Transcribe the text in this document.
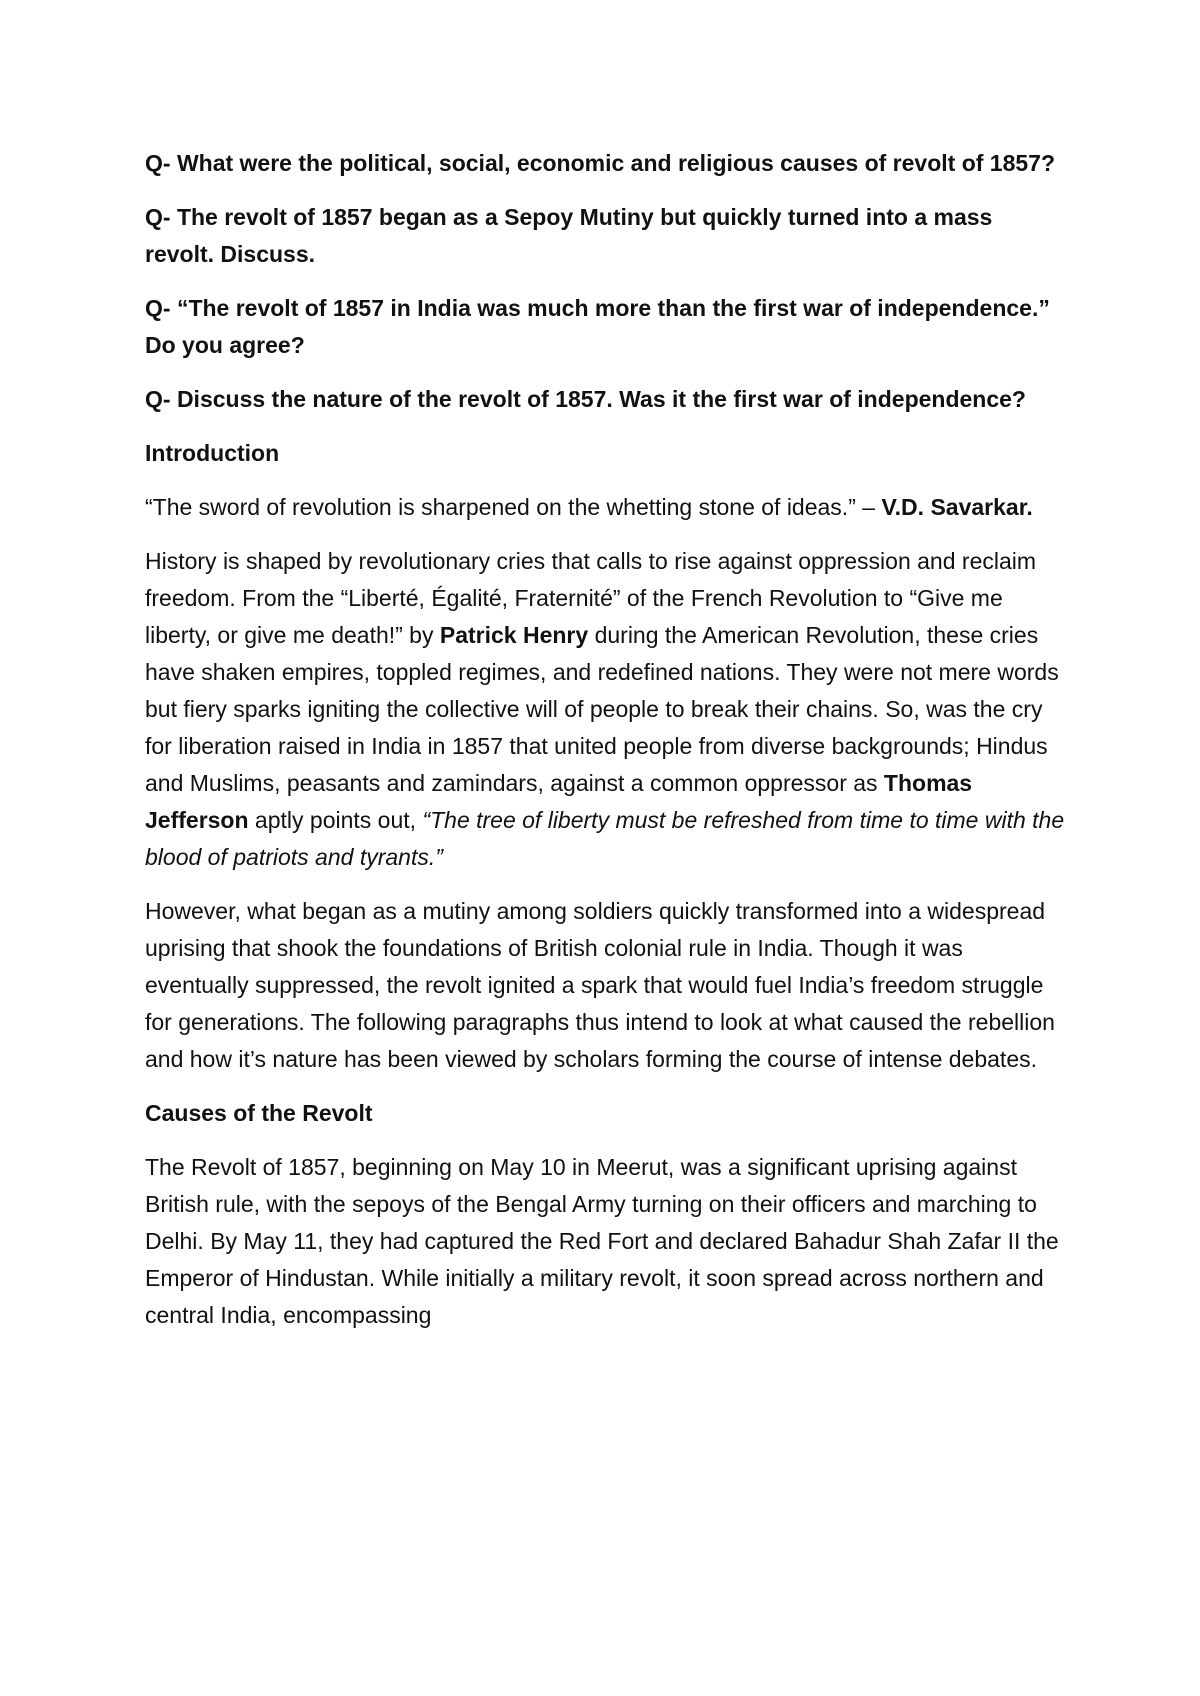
Q- What were the political, social, economic and religious causes of revolt of 1857?

Q- The revolt of 1857 began as a Sepoy Mutiny but quickly turned into a mass revolt. Discuss.

Q- “The revolt of 1857 in India was much more than the first war of independence.” Do you agree?

Q- Discuss the nature of the revolt of 1857. Was it the first war of independence?

Introduction

“The sword of revolution is sharpened on the whetting stone of ideas.” – V.D. Savarkar.

History is shaped by revolutionary cries that calls to rise against oppression and reclaim freedom. From the “Liberté, Égalité, Fraternité” of the French Revolution to “Give me liberty, or give me death!” by Patrick Henry during the American Revolution, these cries have shaken empires, toppled regimes, and redefined nations. They were not mere words but fiery sparks igniting the collective will of people to break their chains. So, was the cry for liberation raised in India in 1857 that united people from diverse backgrounds; Hindus and Muslims, peasants and zamindars, against a common oppressor as Thomas Jefferson aptly points out, “The tree of liberty must be refreshed from time to time with the blood of patriots and tyrants.”

However, what began as a mutiny among soldiers quickly transformed into a widespread uprising that shook the foundations of British colonial rule in India. Though it was eventually suppressed, the revolt ignited a spark that would fuel India’s freedom struggle for generations. The following paragraphs thus intend to look at what caused the rebellion and how it’s nature has been viewed by scholars forming the course of intense debates.

Causes of the Revolt

The Revolt of 1857, beginning on May 10 in Meerut, was a significant uprising against British rule, with the sepoys of the Bengal Army turning on their officers and marching to Delhi. By May 11, they had captured the Red Fort and declared Bahadur Shah Zafar II the Emperor of Hindustan. While initially a military revolt, it soon spread across northern and central India, encompassing
